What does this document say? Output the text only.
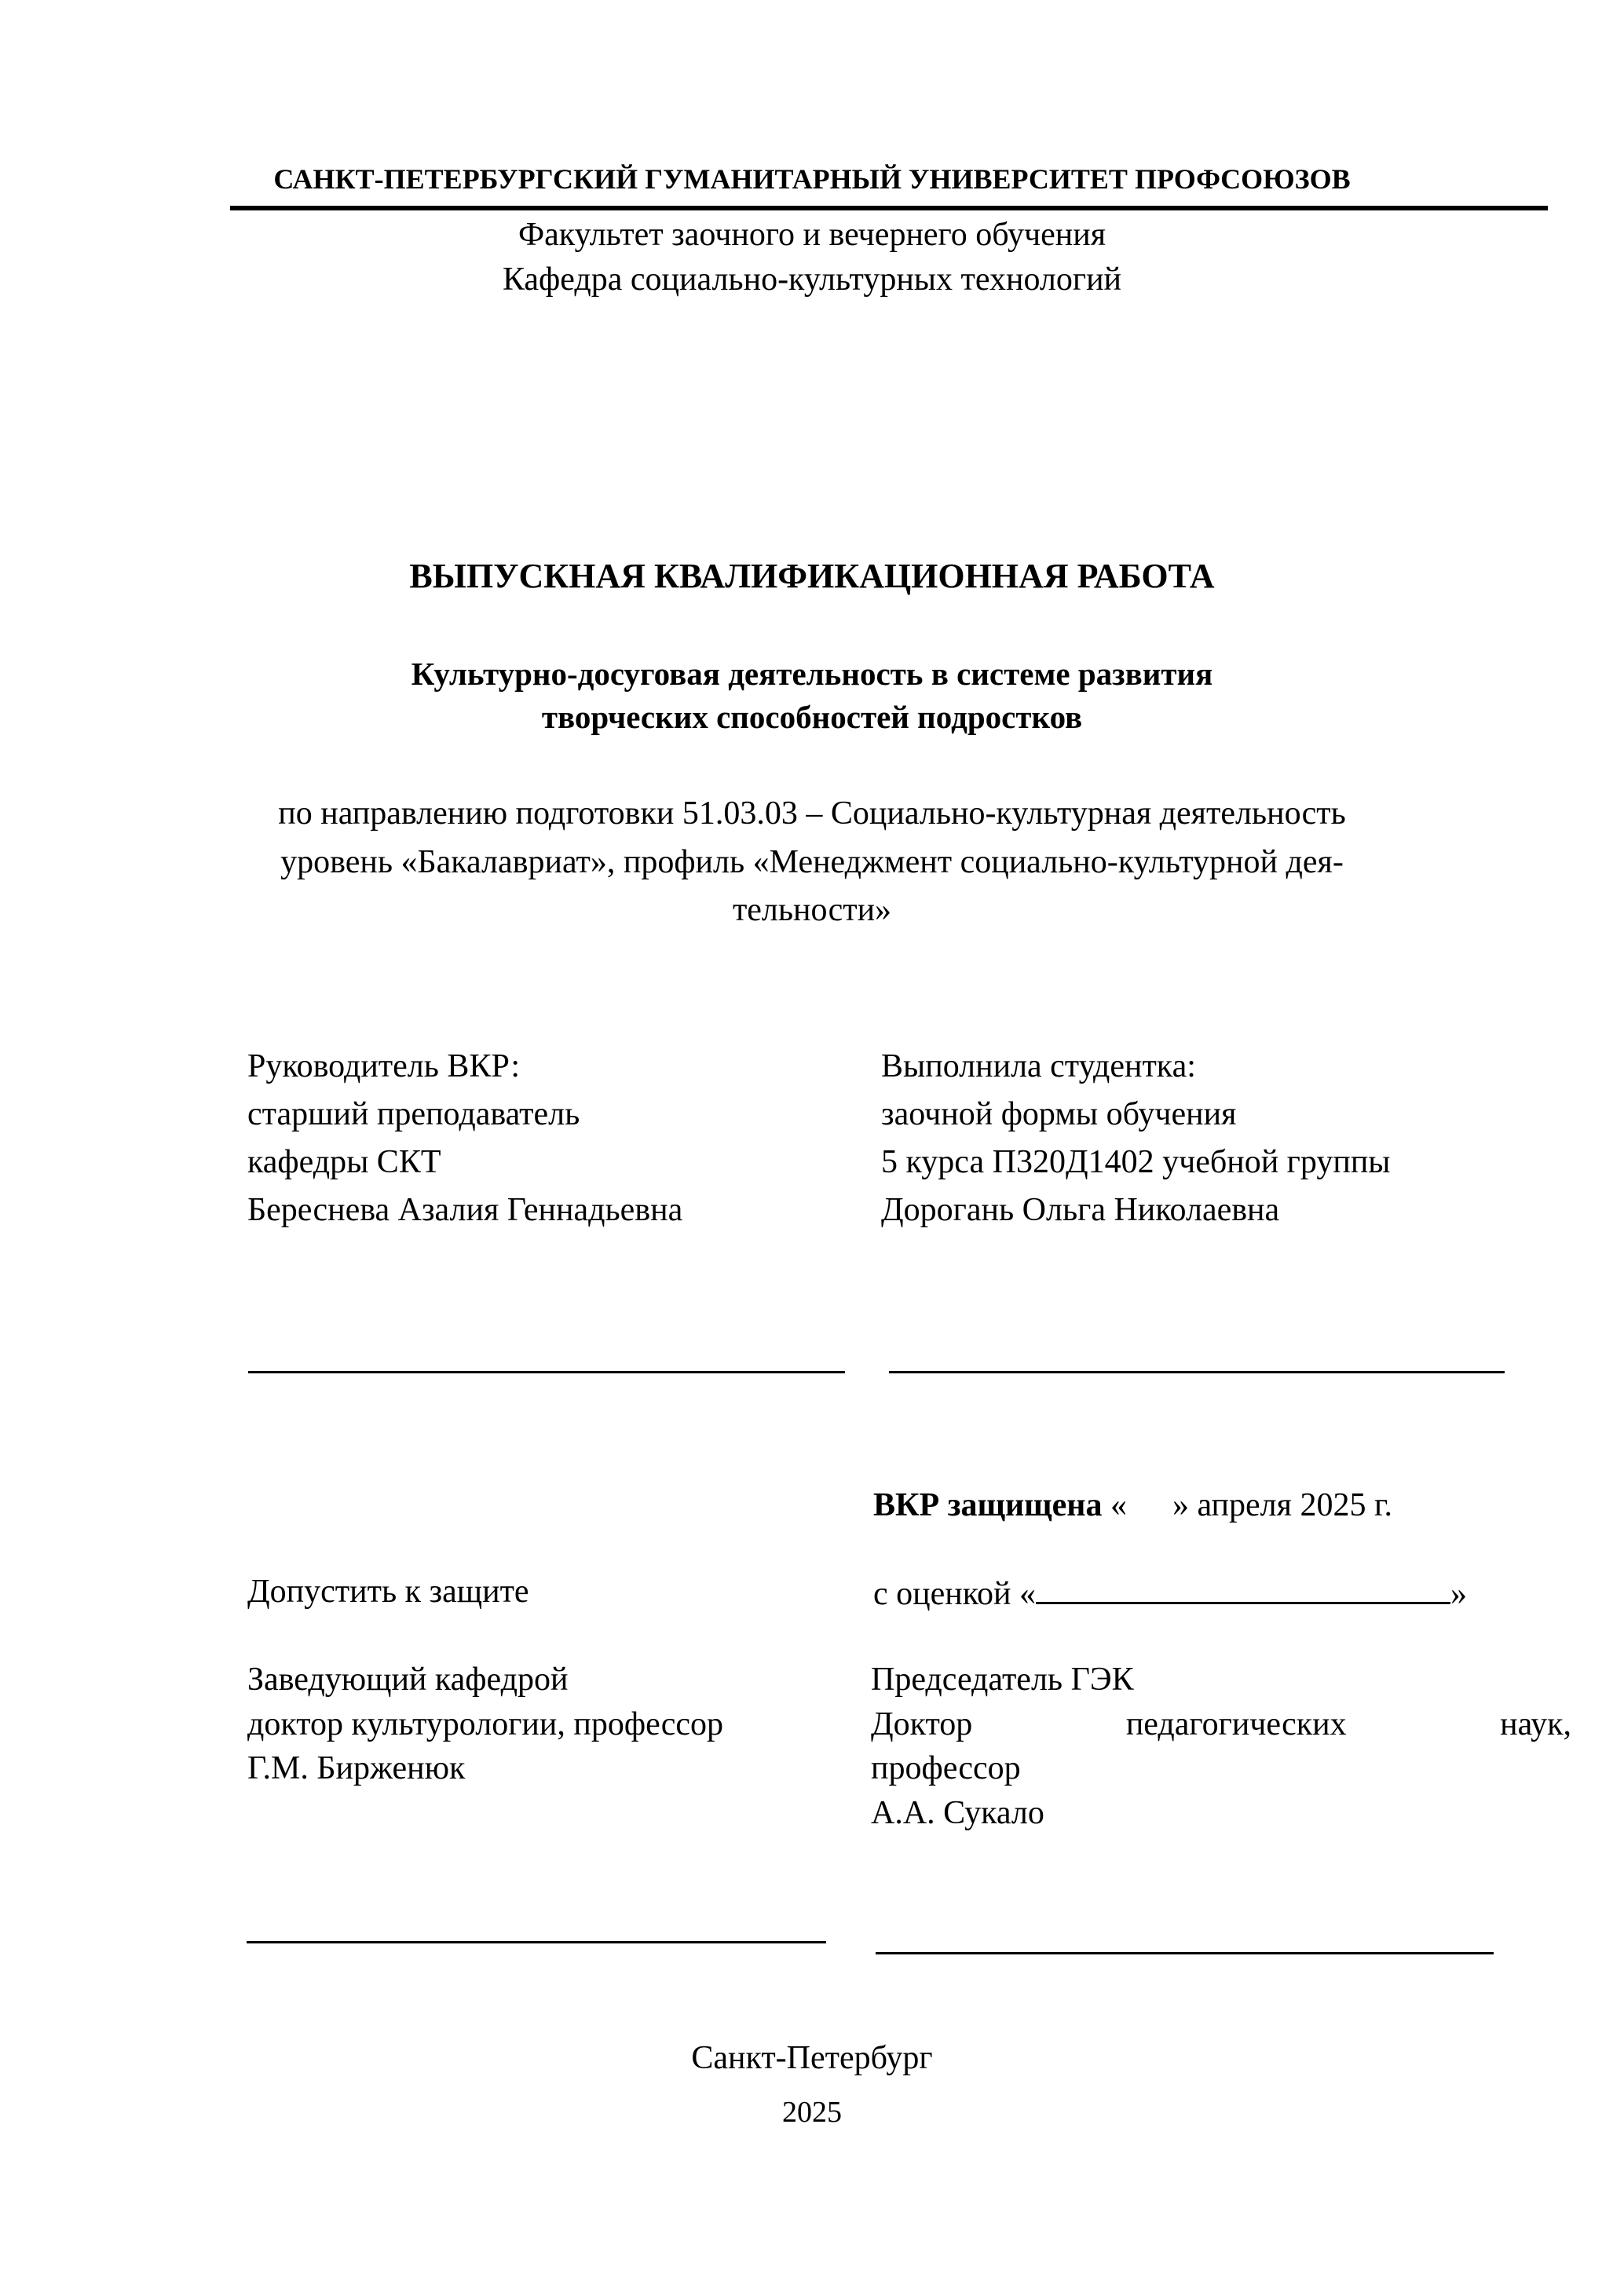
САНКТ-ПЕТЕРБУРГСКИЙ ГУМАНИТАРНЫЙ УНИВЕРСИТЕТ ПРОФСОЮЗОВ
Факультет заочного и вечернего обучения
Кафедра социально-культурных технологий
ВЫПУСКНАЯ КВАЛИФИКАЦИОННАЯ РАБОТА
Культурно-досуговая деятельность в системе развития
творческих способностей подростков
по направлению подготовки 51.03.03 – Социально-культурная деятельность
уровень «Бакалавриат», профиль «Менеджмент социально-культурной дея-
тельности»
Руководитель ВКР:
старший преподаватель
кафедры СКТ
Береснева Азалия Геннадьевна
Выполнила студентка:
заочной формы обучения
5 курса П320Д1402 учебной группы
Дорогань Ольга Николаевна
ВКР защищена « » апреля 2025 г.
Допустить к защите	с оценкой «	»
Заведующий кафедрой
доктор культурологии, профессор
Г.М. Бирженюк
Председатель ГЭК
Доктор	педагогических	наук,
профессор
А.А. Сукало
Санкт-Петербург
2025
